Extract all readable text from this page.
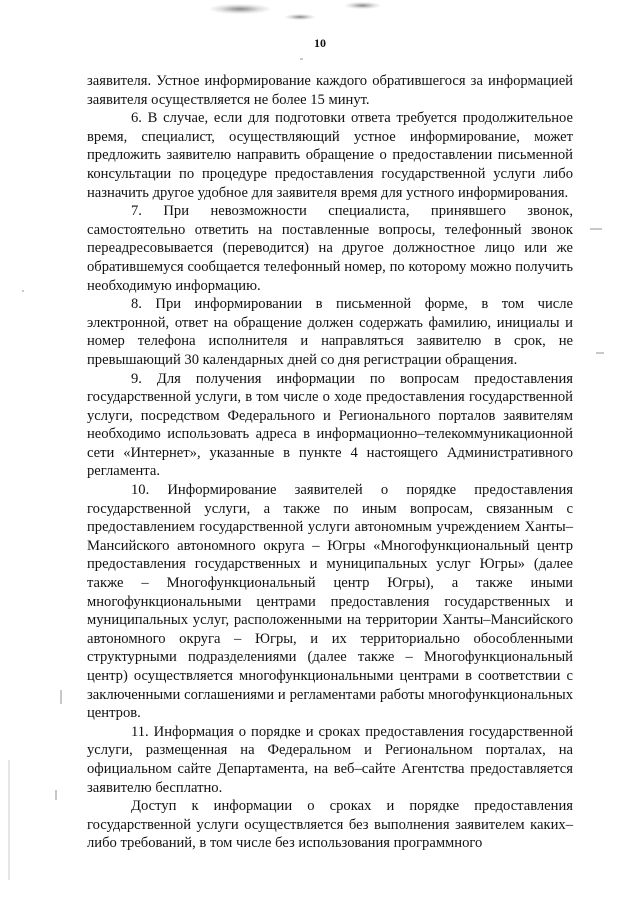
10

заявителя. Устное информирование каждого обратившегося за информацией заявителя осуществляется не более 15 минут.

6. В случае, если для подготовки ответа требуется продолжительное время, специалист, осуществляющий устное информирование, может предложить заявителю направить обращение о предоставлении письменной консультации по процедуре предоставления государственной услуги либо назначить другое удобное для заявителя время для устного информирования.

7. При невозможности специалиста, принявшего звонок, самостоятельно ответить на поставленные вопросы, телефонный звонок переадресовывается (переводится) на другое должностное лицо или же обратившемуся сообщается телефонный номер, по которому можно получить необходимую информацию.

8. При информировании в письменной форме, в том числе электронной, ответ на обращение должен содержать фамилию, инициалы и номер телефона исполнителя и направляться заявителю в срок, не превышающий 30 календарных дней со дня регистрации обращения.

9. Для получения информации по вопросам предоставления государственной услуги, в том числе о ходе предоставления государственной услуги, посредством Федерального и Регионального порталов заявителям необходимо использовать адреса в информационно–телекоммуникационной сети «Интернет», указанные в пункте 4 настоящего Административного регламента.

10. Информирование заявителей о порядке предоставления государственной услуги, а также по иным вопросам, связанным с предоставлением государственной услуги автономным учреждением Ханты–Мансийского автономного округа – Югры «Многофункциональный центр предоставления государственных и муниципальных услуг Югры» (далее также – Многофункциональный центр Югры), а также иными многофункциональными центрами предоставления государственных и муниципальных услуг, расположенными на территории Ханты–Мансийского автономного округа – Югры, и их территориально обособленными структурными подразделениями (далее также – Многофункциональный центр) осуществляется многофункциональными центрами в соответствии с заключенными соглашениями и регламентами работы многофункциональных центров.

11. Информация о порядке и сроках предоставления государственной услуги, размещенная на Федеральном и Региональном порталах, на официальном сайте Департамента, на веб–сайте Агентства предоставляется заявителю бесплатно.

Доступ к информации о сроках и порядке предоставления государственной услуги осуществляется без выполнения заявителем каких–либо требований, в том числе без использования программного
